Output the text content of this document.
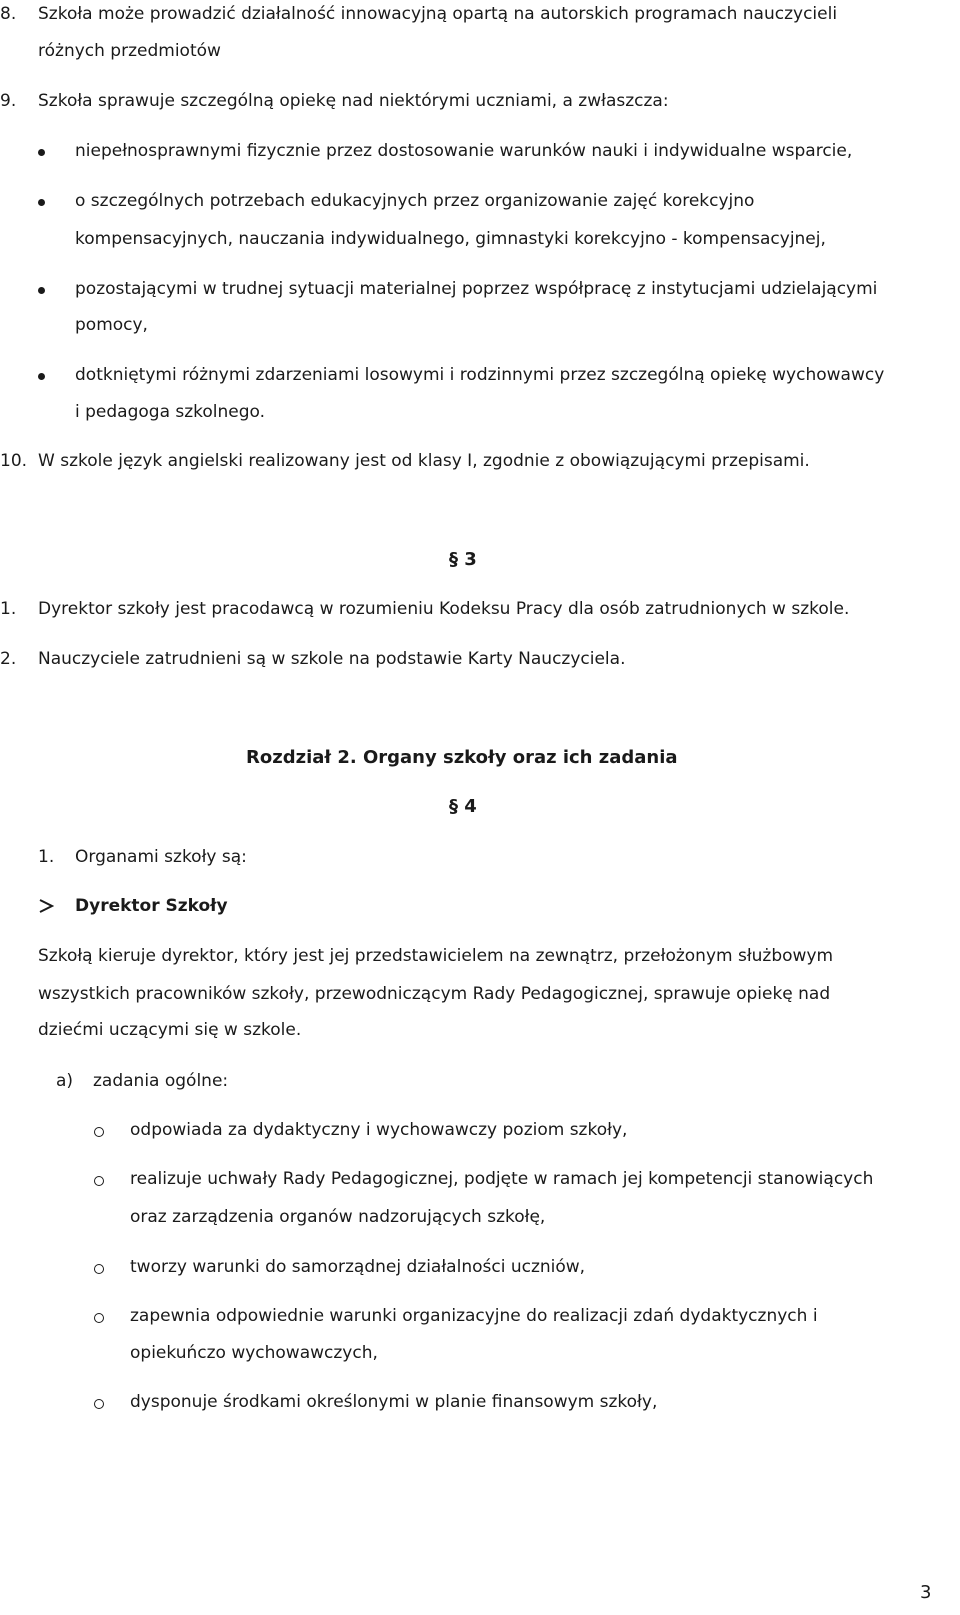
8. Szkoła może prowadzić działalność innowacyjną opartą na autorskich programach nauczycieli
różnych przedmiotów
9. Szkoła sprawuje szczególną opiekę nad niektórymi uczniami, a zwłaszcza:
niepełnosprawnymi fizycznie przez dostosowanie warunków nauki i indywidualne wsparcie,
o szczególnych potrzebach edukacyjnych przez organizowanie zajęć korekcyjno
kompensacyjnych, nauczania indywidualnego, gimnastyki korekcyjno - kompensacyjnej,
pozostającymi w trudnej sytuacji materialnej poprzez współpracę z instytucjami udzielającymi
pomocy,
dotkniętymi różnymi zdarzeniami losowymi i rodzinnymi przez szczególną opiekę wychowawcy
i pedagoga szkolnego.
10. W szkole język angielski realizowany jest od klasy I, zgodnie z obowiązującymi przepisami.
§ 3
1. Dyrektor szkoły jest pracodawcą w rozumieniu Kodeksu Pracy dla osób zatrudnionych w szkole.
2. Nauczyciele zatrudnieni są w szkole na podstawie Karty Nauczyciela.
Rozdział 2. Organy szkoły oraz ich zadania
§ 4
1. Organami szkoły są:
Dyrektor Szkoły
Szkołą kieruje dyrektor, który jest jej przedstawicielem na zewnątrz, przełożonym służbowym
wszystkich pracowników szkoły, przewodniczącym Rady Pedagogicznej, sprawuje opiekę nad
dziećmi uczącymi się w szkole.
a) zadania ogólne:
odpowiada za dydaktyczny i wychowawczy poziom szkoły,
realizuje uchwały Rady Pedagogicznej, podjęte w ramach jej kompetencji stanowiących
oraz zarządzenia organów nadzorujących szkołę,
tworzy warunki do samorządnej działalności uczniów,
zapewnia odpowiednie warunki organizacyjne do realizacji zdań dydaktycznych i
opiekuńczo wychowawczych,
dysponuje środkami określonymi w planie finansowym szkoły,
3
